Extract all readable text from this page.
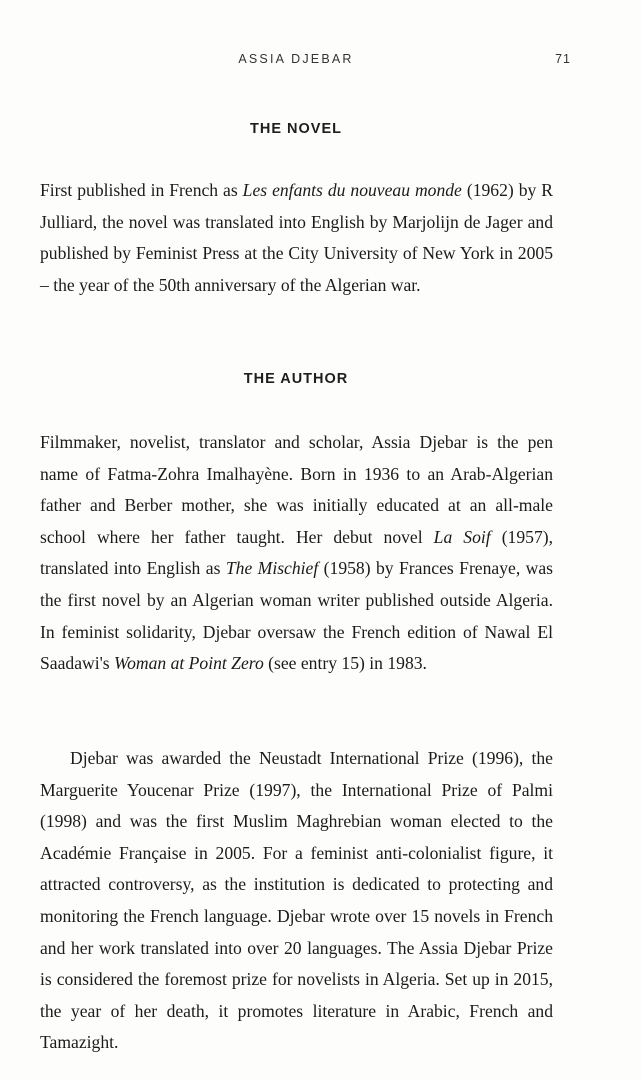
ASSIA DJEBAR	71
THE NOVEL

First published in French as Les enfants du nouveau monde (1962) by R Julliard, the novel was translated into English by Marjolijn de Jager and published by Feminist Press at the City University of New York in 2005 – the year of the 50th anniversary of the Algerian war.

THE AUTHOR

Filmmaker, novelist, translator and scholar, Assia Djebar is the pen name of Fatma-Zohra Imalhayène. Born in 1936 to an Arab-Algerian father and Berber mother, she was initially educated at an all-male school where her father taught. Her debut novel La Soif (1957), translated into English as The Mischief (1958) by Frances Frenaye, was the first novel by an Algerian woman writer published outside Algeria. In feminist solidarity, Djebar oversaw the French edition of Nawal El Saadawi's Woman at Point Zero (see entry 15) in 1983.

Djebar was awarded the Neustadt International Prize (1996), the Marguerite Youcenar Prize (1997), the International Prize of Palmi (1998) and was the first Muslim Maghrebian woman elected to the Académie Française in 2005. For a feminist anti-colonialist figure, it attracted controversy, as the institution is dedicated to protecting and monitoring the French language. Djebar wrote over 15 novels in French and her work translated into over 20 languages. The Assia Djebar Prize is considered the foremost prize for novelists in Algeria. Set up in 2015, the year of her death, it promotes literature in Arabic, French and Tamazight.
